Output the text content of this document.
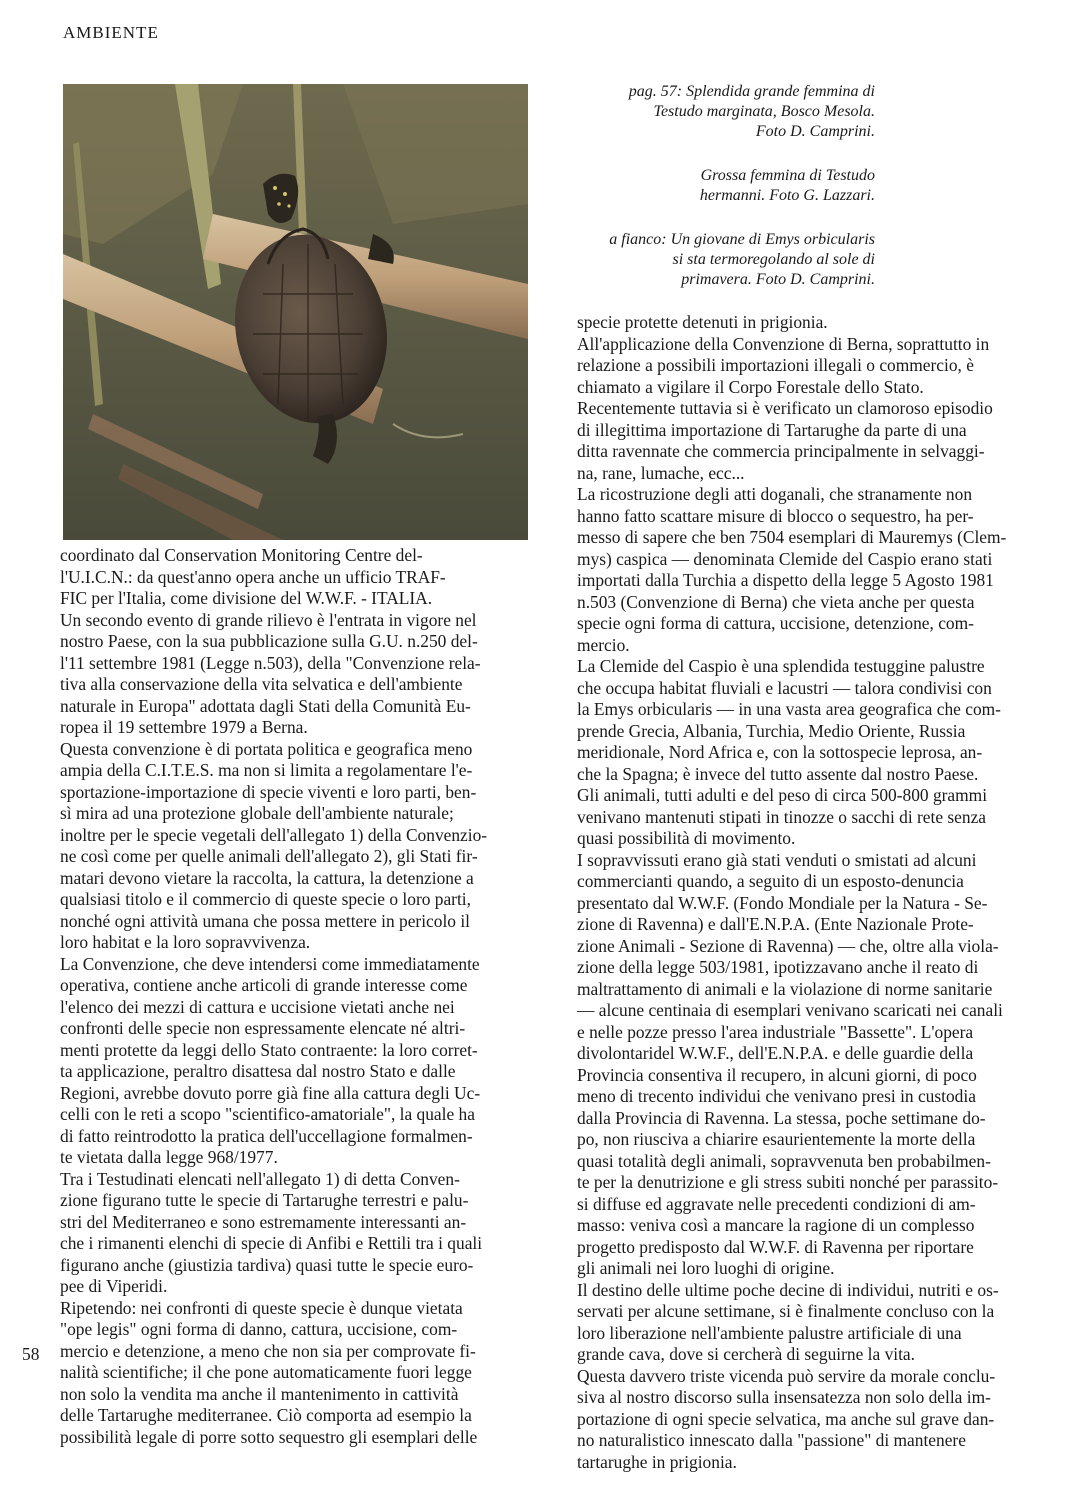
AMBIENTE

pag. 57: Splendida grande femmina di
Testudo marginata, Bosco Mesola.
Foto D. Camprini.

Grossa femmina di Testudo
hermanni. Foto G. Lazzari.

a fianco: Un giovane di Emys orbicularis
si sta termoregolando al sole di
primavera. Foto D. Camprini.

coordinato dal Conservation Monitoring Centre del-
l'U.I.C.N.: da quest'anno opera anche un ufficio TRAF-
FIC per l'Italia, come divisione del W.W.F. - ITALIA.

Un secondo evento di grande rilievo è l'entrata in vigore nel
nostro Paese, con la sua pubblicazione sulla G.U. n.250 del-
l'11 settembre 1981 (Legge n.503), della "Convenzione rela-
tiva alla conservazione della vita selvatica e dell'ambiente
naturale in Europa" adottata dagli Stati della Comunità Eu-
ropea il 19 settembre 1979 a Berna.

Questa convenzione è di portata politica e geografica meno
ampia della C.I.T.E.S. ma non si limita a regolamentare l'e-
sportazione-importazione di specie viventi e loro parti, ben-
sì mira ad una protezione globale dell'ambiente naturale;
inoltre per le specie vegetali dell'allegato 1) della Convenzio-
ne così come per quelle animali dell'allegato 2), gli Stati fir-
matari devono vietare la raccolta, la cattura, la detenzione a
qualsiasi titolo e il commercio di queste specie o loro parti,
nonché ogni attività umana che possa mettere in pericolo il
loro habitat e la loro sopravvivenza.

La Convenzione, che deve intendersi come immediatamente
operativa, contiene anche articoli di grande interesse come
l'elenco dei mezzi di cattura e uccisione vietati anche nei
confronti delle specie non espressamente elencate né altri-
menti protette da leggi dello Stato contraente: la loro corret-
ta applicazione, peraltro disattesa dal nostro Stato e dalle
Regioni, avrebbe dovuto porre già fine alla cattura degli Uc-
celli con le reti a scopo "scientifico-amatoriale", la quale ha
di fatto reintrodotto la pratica dell'uccellagione formalmen-
te vietata dalla legge 968/1977.

Tra i Testudinati elencati nell'allegato 1) di detta Conven-
zione figurano tutte le specie di Tartarughe terrestri e palu-
stri del Mediterraneo e sono estremamente interessanti an-
che i rimanenti elenchi di specie di Anfibi e Rettili tra i quali
figurano anche (giustizia tardiva) quasi tutte le specie euro-
pee di Viperidi.

Ripetendo: nei confronti di queste specie è dunque vietata
"ope legis" ogni forma di danno, cattura, uccisione, com-
mercio e detenzione, a meno che non sia per comprovate fi-
nalità scientifiche; il che pone automaticamente fuori legge
non solo la vendita ma anche il mantenimento in cattività
delle Tartarughe mediterranee. Ciò comporta ad esempio la
possibilità legale di porre sotto sequestro gli esemplari delle

specie protette detenuti in prigionia.

All'applicazione della Convenzione di Berna, soprattutto in
relazione a possibili importazioni illegali o commercio, è
chiamato a vigilare il Corpo Forestale dello Stato.

Recentemente tuttavia si è verificato un clamoroso episodio
di illegittima importazione di Tartarughe da parte di una
ditta ravennate che commercia principalmente in selvaggi-
na, rane, lumache, ecc...

La ricostruzione degli atti doganali, che stranamente non
hanno fatto scattare misure di blocco o sequestro, ha per-
messo di sapere che ben 7504 esemplari di Mauremys (Clem-
mys) caspica — denominata Clemide del Caspio erano stati
importati dalla Turchia a dispetto della legge 5 Agosto 1981
n.503 (Convenzione di Berna) che vieta anche per questa
specie ogni forma di cattura, uccisione, detenzione, com-
mercio.

La Clemide del Caspio è una splendida testuggine palustre
che occupa habitat fluviali e lacustri — talora condivisi con
la Emys orbicularis — in una vasta area geografica che com-
prende Grecia, Albania, Turchia, Medio Oriente, Russia
meridionale, Nord Africa e, con la sottospecie leprosa, an-
che la Spagna; è invece del tutto assente dal nostro Paese.

Gli animali, tutti adulti e del peso di circa 500-800 grammi
venivano mantenuti stipati in tinozze o sacchi di rete senza
quasi possibilità di movimento.

I sopravvissuti erano già stati venduti o smistati ad alcuni
commercianti quando, a seguito di un esposto-denuncia
presentato dal W.W.F. (Fondo Mondiale per la Natura - Se-
zione di Ravenna) e dall'E.N.P.A. (Ente Nazionale Prote-
zione Animali - Sezione di Ravenna) — che, oltre alla viola-
zione della legge 503/1981, ipotizzavano anche il reato di
maltrattamento di animali e la violazione di norme sanitarie
— alcune centinaia di esemplari venivano scaricati nei canali
e nelle pozze presso l'area industriale "Bassette". L'opera
divolontaridel W.W.F., dell'E.N.P.A. e delle guardie della
Provincia consentiva il recupero, in alcuni giorni, di poco
meno di trecento individui che venivano presi in custodia
dalla Provincia di Ravenna. La stessa, poche settimane do-
po, non riusciva a chiarire esaurientemente la morte della
quasi totalità degli animali, sopravvenuta ben probabilmen-
te per la denutrizione e gli stress subiti nonché per parassito-
si diffuse ed aggravate nelle precedenti condizioni di am-
masso: veniva così a mancare la ragione di un complesso
progetto predisposto dal W.W.F. di Ravenna per riportare
gli animali nei loro luoghi di origine.

Il destino delle ultime poche decine di individui, nutriti e os-
servati per alcune settimane, si è finalmente concluso con la
loro liberazione nell'ambiente palustre artificiale di una
grande cava, dove si cercherà di seguirne la vita.

Questa davvero triste vicenda può servire da morale conclu-
siva al nostro discorso sulla insensatezza non solo della im-
portazione di ogni specie selvatica, ma anche sul grave dan-
no naturalistico innescato dalla "passione" di mantenere
tartarughe in prigionia.

58
